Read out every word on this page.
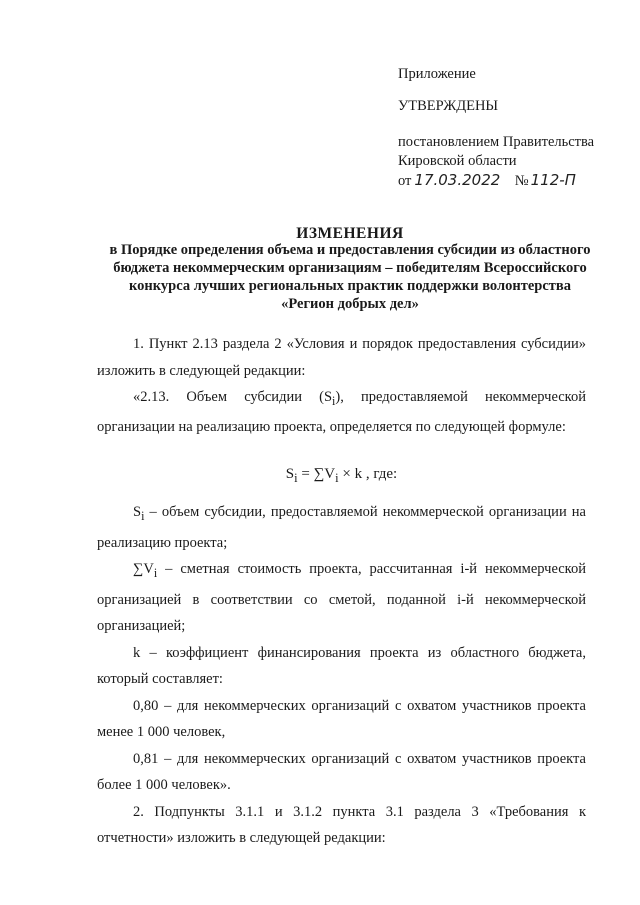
Приложение
УТВЕРЖДЕНЫ
постановлением Правительства
Кировской области
от 17.03.2022 № 112-П
ИЗМЕНЕНИЯ
в Порядке определения объема и предоставления субсидии из областного
бюджета некоммерческим организациям – победителям Всероссийского
конкурса лучших региональных практик поддержки волонтерства
«Регион добрых дел»

1. Пункт 2.13 раздела 2 «Условия и порядок предоставления субсидии» изложить в следующей редакции:

«2.13. Объем субсидии $(S_i)$, предоставляемой некоммерческой организации на реализацию проекта, определяется по следующей формуле:

$S_i = \sum V_i \times k$ , где:

$S_i$ – объем субсидии, предоставляемой некоммерческой организации на реализацию проекта;

$\sum V_i$ – сметная стоимость проекта, рассчитанная i-й некоммерческой организацией в соответствии со сметой, поданной i-й некоммерческой организацией;

k – коэффициент финансирования проекта из областного бюджета, который составляет:

0,80 – для некоммерческих организаций с охватом участников проекта менее 1 000 человек,

0,81 – для некоммерческих организаций с охватом участников проекта более 1 000 человек».

2. Подпункты 3.1.1 и 3.1.2 пункта 3.1 раздела 3 «Требования к отчетности» изложить в следующей редакции:
